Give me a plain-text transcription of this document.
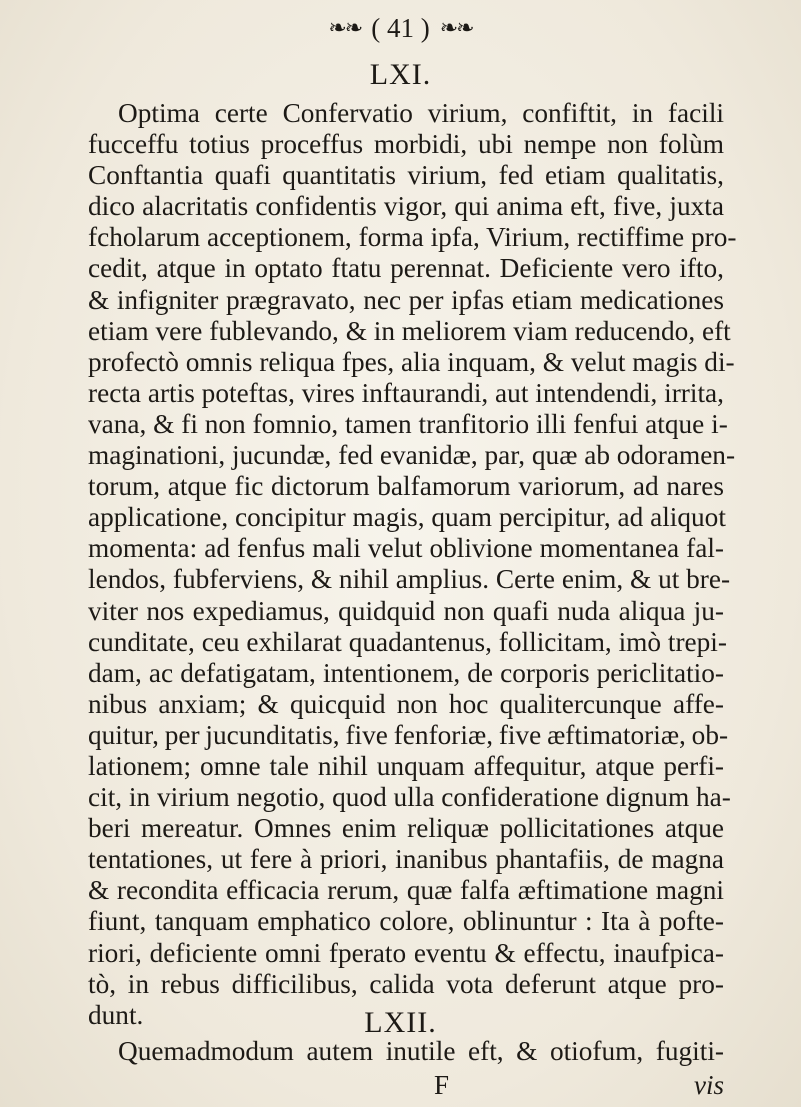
❧❧ ( 41 ) ❧❧
LXI.
Optima certe Confervatio virium, confiftit, in facili
fucceffu totius proceffus morbidi, ubi nempe non folùm
Conftantia quafi quantitatis virium, fed etiam qualitatis,
dico alacritatis confidentis vigor, qui anima eft, five, juxta
fcholarum acceptionem, forma ipfa, Virium, rectiffime pro-
cedit, atque in optato ftatu perennat. Deficiente vero ifto,
& infigniter prægravato, nec per ipfas etiam medicationes
etiam vere fublevando, & in meliorem viam reducendo, eft
profectò omnis reliqua fpes, alia inquam, & velut magis di-
recta artis poteftas, vires inftaurandi, aut intendendi, irrita,
vana, & fi non fomnio, tamen tranfitorio illi fenfui atque i-
maginationi, jucundæ, fed evanidæ, par, quæ ab odoramen-
torum, atque fic dictorum balfamorum variorum, ad nares
applicatione, concipitur magis, quam percipitur, ad aliquot
momenta: ad fenfus mali velut oblivione momentanea fal-
lendos, fubferviens, & nihil amplius. Certe enim, & ut bre-
viter nos expediamus, quidquid non quafi nuda aliqua ju-
cunditate, ceu exhilarat quadantenus, follicitam, imò trepi-
dam, ac defatigatam, intentionem, de corporis periclitatio-
nibus anxiam; & quicquid non hoc qualitercunque affe-
quitur, per jucunditatis, five fenforiæ, five æftimatoriæ, ob-
lationem; omne tale nihil unquam affequitur, atque perfi-
cit, in virium negotio, quod ulla confideratione dignum ha-
beri mereatur. Omnes enim reliquæ pollicitationes atque
tentationes, ut fere à priori, inanibus phantafiis, de magna
& recondita efficacia rerum, quæ falfa æftimatione magni
fiunt, tanquam emphatico colore, oblinuntur : Ita à pofte-
riori, deficiente omni fperato eventu & effectu, inaufpica-
tò, in rebus difficilibus, calida vota deferunt atque pro-
dunt.	LXII.
Quemadmodum autem inutile eft, & otiofum, fugiti-
F	vis
